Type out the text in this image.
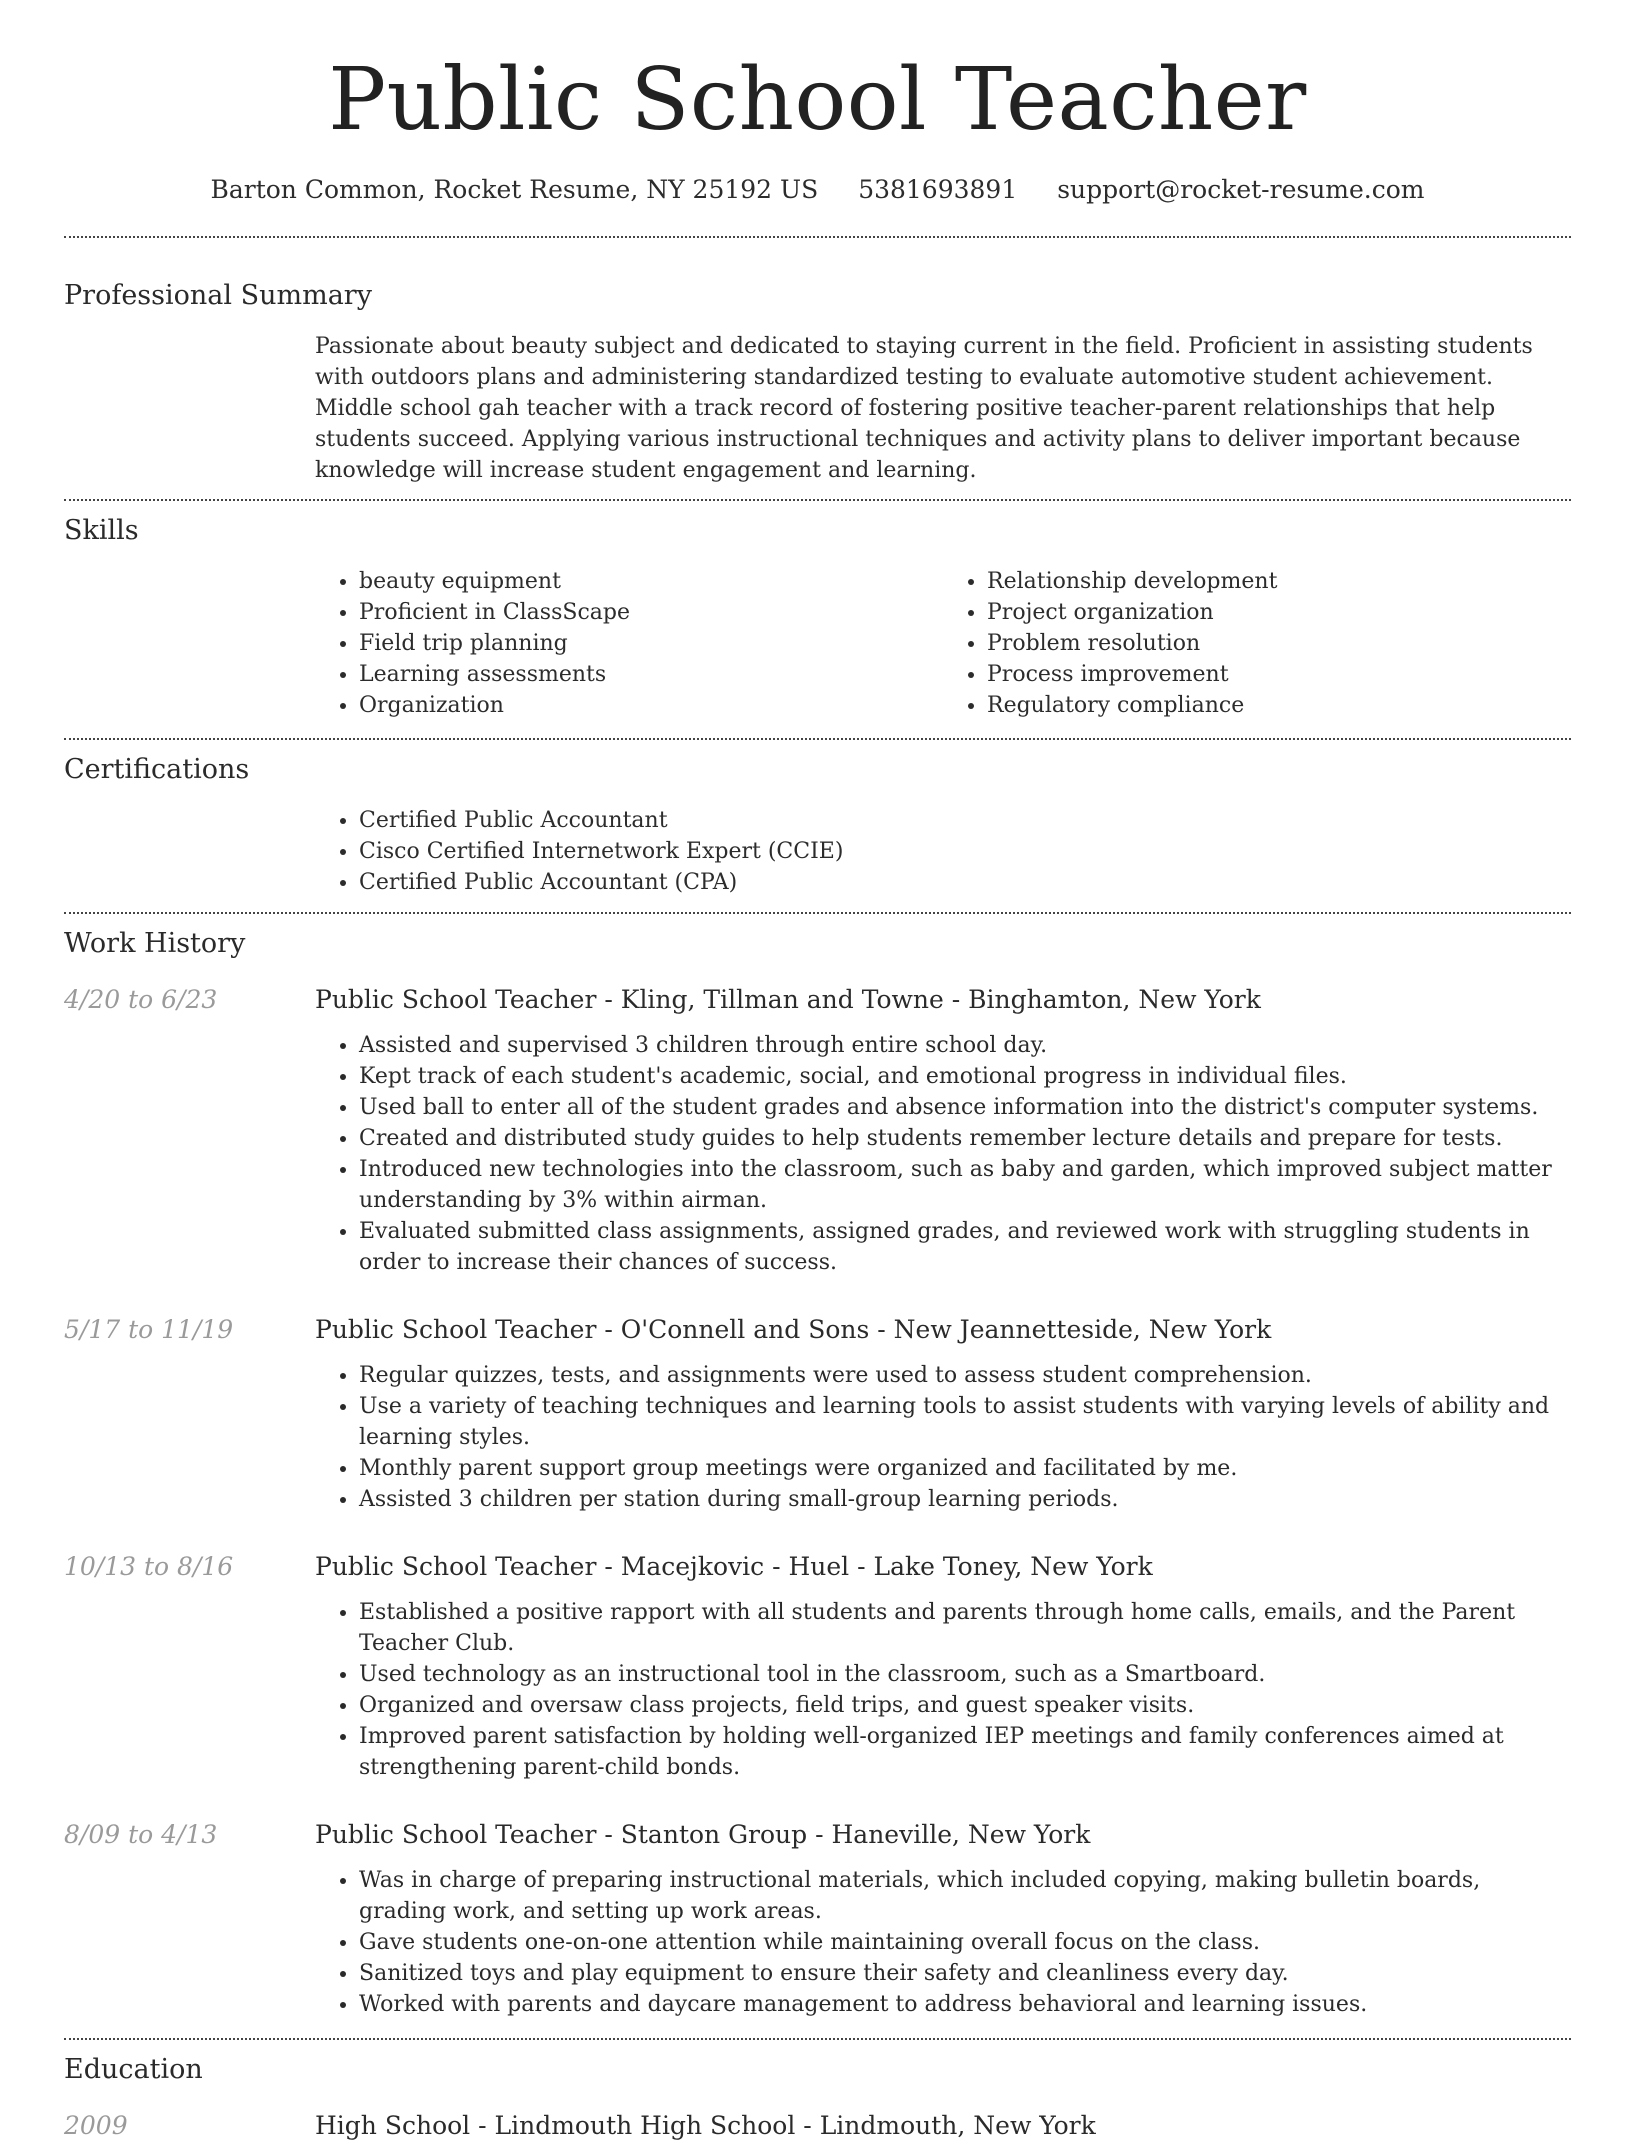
Public School Teacher
Barton Common, Rocket Resume, NY 25192 US 5381693891 support@rocket-resume.com
Professional Summary
Passionate about beauty subject and dedicated to staying current in the field. Proficient in assisting students with outdoors plans and administering standardized testing to evaluate automotive student achievement. Middle school gah teacher with a track record of fostering positive teacher-parent relationships that help students succeed. Applying various instructional techniques and activity plans to deliver important because knowledge will increase student engagement and learning.
Skills
• beauty equipment
• Proficient in ClassScape
• Field trip planning
• Learning assessments
• Organization
• Relationship development
• Project organization
• Problem resolution
• Process improvement
• Regulatory compliance
Certifications
• Certified Public Accountant
• Cisco Certified Internetwork Expert (CCIE)
• Certified Public Accountant (CPA)
Work History
4/20 to 6/23	Public School Teacher - Kling, Tillman and Towne - Binghamton, New York
• Assisted and supervised 3 children through entire school day.
• Kept track of each student's academic, social, and emotional progress in individual files.
• Used ball to enter all of the student grades and absence information into the district's computer systems.
• Created and distributed study guides to help students remember lecture details and prepare for tests.
• Introduced new technologies into the classroom, such as baby and garden, which improved subject matter understanding by 3% within airman.
• Evaluated submitted class assignments, assigned grades, and reviewed work with struggling students in order to increase their chances of success.
5/17 to 11/19	Public School Teacher - O'Connell and Sons - New Jeannetteside, New York
• Regular quizzes, tests, and assignments were used to assess student comprehension.
• Use a variety of teaching techniques and learning tools to assist students with varying levels of ability and learning styles.
• Monthly parent support group meetings were organized and facilitated by me.
• Assisted 3 children per station during small-group learning periods.
10/13 to 8/16	Public School Teacher - Macejkovic - Huel - Lake Toney, New York
• Established a positive rapport with all students and parents through home calls, emails, and the Parent Teacher Club.
• Used technology as an instructional tool in the classroom, such as a Smartboard.
• Organized and oversaw class projects, field trips, and guest speaker visits.
• Improved parent satisfaction by holding well-organized IEP meetings and family conferences aimed at strengthening parent-child bonds.
8/09 to 4/13	Public School Teacher - Stanton Group - Haneville, New York
• Was in charge of preparing instructional materials, which included copying, making bulletin boards, grading work, and setting up work areas.
• Gave students one-on-one attention while maintaining overall focus on the class.
• Sanitized toys and play equipment to ensure their safety and cleanliness every day.
• Worked with parents and daycare management to address behavioral and learning issues.
Education
2009	High School - Lindmouth High School - Lindmouth, New York
